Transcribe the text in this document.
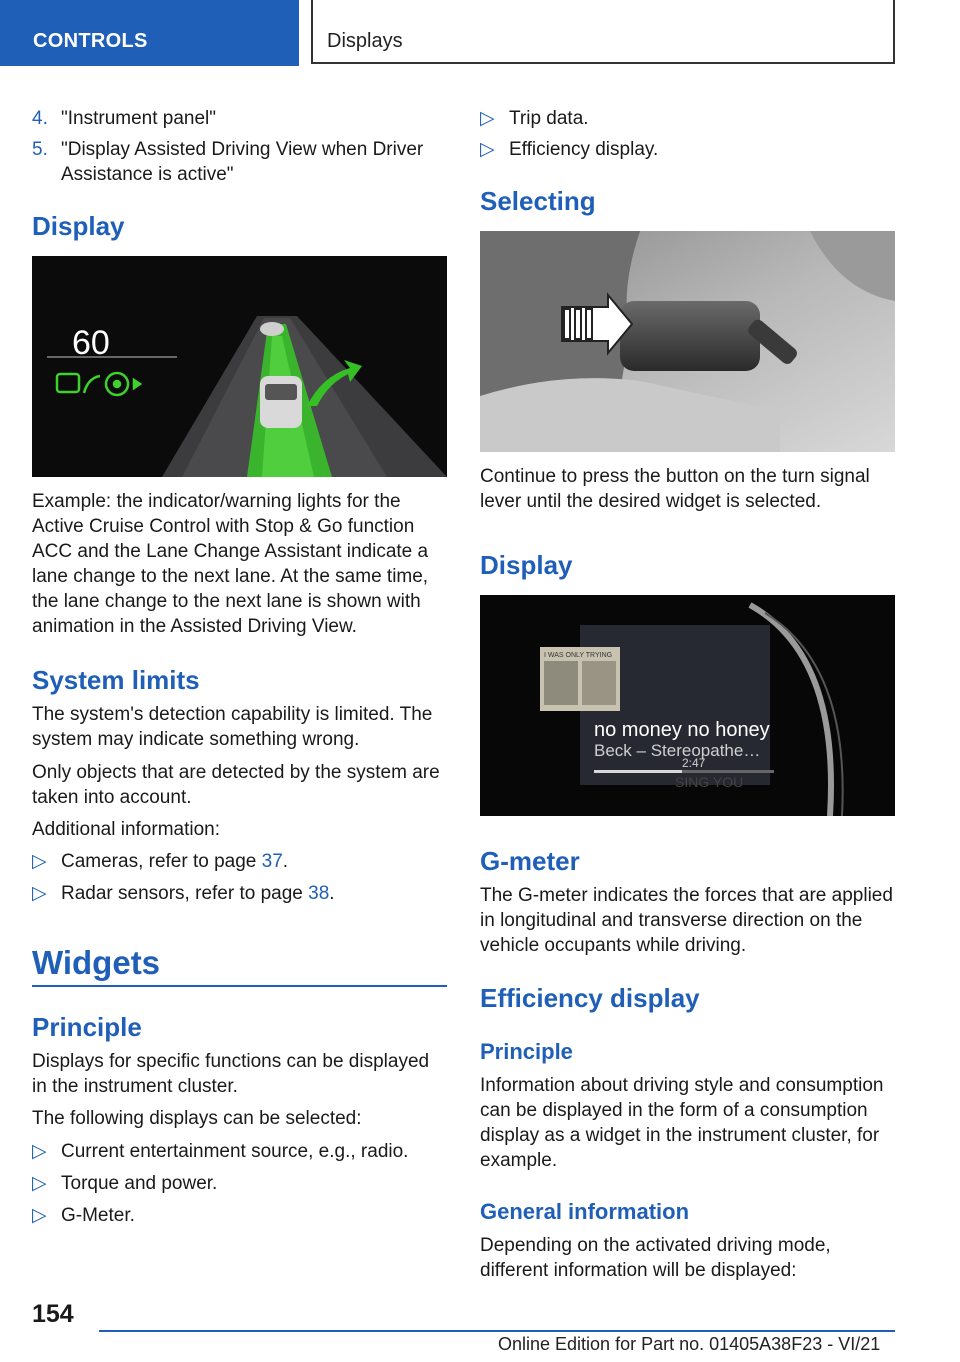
CONTROLS	Displays
4. "Instrument panel"
5. "Display Assisted Driving View when Driver Assistance is active"
Display
60

Example: the indicator/warning lights for the Active Cruise Control with Stop & Go function ACC and the Lane Change Assistant indicate a lane change to the next lane. At the same time, the lane change to the next lane is shown with animation in the Assisted Driving View.

System limits

The system's detection capability is limited. The system may indicate something wrong.

Only objects that are detected by the system are taken into account.

Additional information:

▷ Cameras, refer to page 37.
▷ Radar sensors, refer to page 38.
Widgets
Principle

Displays for specific functions can be displayed in the instrument cluster.

The following displays can be selected:

▷ Current entertainment source, e.g., radio.
▷ Torque and power.
▷ G-Meter.
▷ Trip data.
▷ Efficiency display.
Selecting

Continue to press the button on the turn signal lever until the desired widget is selected.

Display
I WAS ONLY TRYING
no money no honey
Beck – Stereopathe…
2:47
SING YOU
G-meter

The G-meter indicates the forces that are applied in longitudinal and transverse direction on the vehicle occupants while driving.

Efficiency display
Principle

Information about driving style and consumption can be displayed in the form of a consumption display as a widget in the instrument cluster, for example.

General information

Depending on the activated driving mode, different information will be displayed:

154
Online Edition for Part no. 01405A38F23 - VI/21
